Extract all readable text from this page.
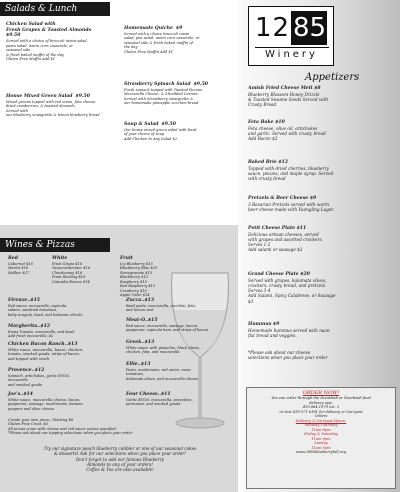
Salads & Lunch
Chicken Salad with
Fresh Grapes & Toasted Almonds
$9.50
Served with a choice of broccoli raisin salad,
pasta salad, warm corn casserole, or
seasonal side
& fresh baked muffin of the day
Gluten Free Muffin Add $1
House Mixed Green Salad $9.50
Mixed greens topped with red onion, feta cheese,
dried cranberries, & toasted almonds.
Served with
our blueberry vinaigrette & lemon blueberry bread
Homemade Quiche $9
Served with a choice broccoli raisin
salad, pea salad, warm corn casserole, or
seasonal side & fresh baked muffin of
the day
Gluten Free Muffin Add $1
Strawberry Spinach Salad $9.50
Fresh spinach topped with Toasted Pecans,
Mozzarella Cheese, & Shredded Carrots.
Served with Strawberry vinaigrette &
our homemade pineapple zucchini bread
Soup & Salad $9.50
Our house mixed green salad with bowl
of your choice of soup
Add Chicken to Any Salad $2
Wines & Pizzas
Red
Cabernet $16
Merlot $16
Malbec $17
White
Pinot Grigio $16
Gewurztraminer $16
Chardonnay $16
Pinot Riesling $16
Catawba Breeze $14
Fruit
Icy Blueberry $15
Blackberry Blue $15
Pomegranate $15
Blackberry $15
Raspberry $15
Red Raspberry $15
Cranberry $16
Apple Cider $14
Firenze..$15
Red sauce, mozzarella, capicola,
salami, sundried tomatoes,
baby arugula, basil, and balsamic drizzle
Margherita..$12
Roma Tomato, mozzarella, and basil.
Add fresh mozzarella..$2
Chicken Bacon Ranch..$13
White sauce, mozzarella, bacon, chicken,
tomato, smoked gouda, strips of bacon,
and topped with ranch
Provence..$12
Spinach, artichokes, garlic EVOO,
mozzarella
and smoked gouda
Joe's..$14
White sauce, mozzarella cheese, bacon,
pepperoni, sausage, mushrooms, banana
peppers and olive cheese
Zucca..$13
Basil pesto, mozzarella, zucchini, feta,
and lemon zest
Meat-O..$15
Red sauce, mozzarella, sausage, bacon,
pepperoni, capicola ham, and strips of bacon
Greek..$13
White sauce with pistachio, black olives,
chicken, feta, and mozzarella
Ellie..$13
Pesto, mushrooms, red onion, roma
tomatoes,
Kalamata olives, and mozzarella cheese
Four Cheese..$11
Garlic EVOO, mozzarella, provolone,
parmesan, and smoked gouda
Create your own pizza...Starting $8
Gluten Free Crust..$3
All pizzas come with cheese and red sauce unless specified
*Please ask about our topping selections when you place your order
Try our signature peach blueberry cobbler or one of our seasonal cakes
& desserts! Ask for our selections when you place your order!
Don't forget to add our famous Blueberry
Almonds to any of your orders!
Coffee & Tea are also available!
12 85
Winery
Appetizers
Amish Fried Cheese Melt $8
Blueberry Blossom Honey Drizzle
& Toasted Sesame Seeds Served with
Crusty Bread
Feta Bake $10
Feta cheese, olive oil, artichokes
and garlic. Served with crusty bread
Add Bacon $2
Baked Brie $12
Topped with dried cherries, blueberry
sauce, pecans, and maple syrup. Served
with crusty bread
Pretzels & Beer Cheese $9
3 Bavarian Pretzels served with warm
beer cheese made with Yuengling Lager.
Petit Cheese Plate $11
Delicious artisan cheeses, served
with grapes and assorted crackers.
Serves 1-2
Add salami or sausage $2
Grand Cheese Plate $20
Served with grapes, kalamata olives,
crackers, crusty bread, and pretzels.
Serves 3-4
Add Salami, Spicy Calabrese, or Sausage
$3
Hummus $9
Homemade hummus served with naan
flat bread and veggies.
*Please ask about our cheese
selections when you place your order
ORDER NOW!
You can order through the Doordash or Doorbash food
delivery app.
419.884.1979 ext. 2
or text 419-571-6181 for delivery or Carryout
Orders
Delivery & Carryout Hours:
Monday-Thursday
11am-8pm
Friday & Saturday
11am-9pm
Sunday
11am-5pm
www.1885blueberryhill.org
